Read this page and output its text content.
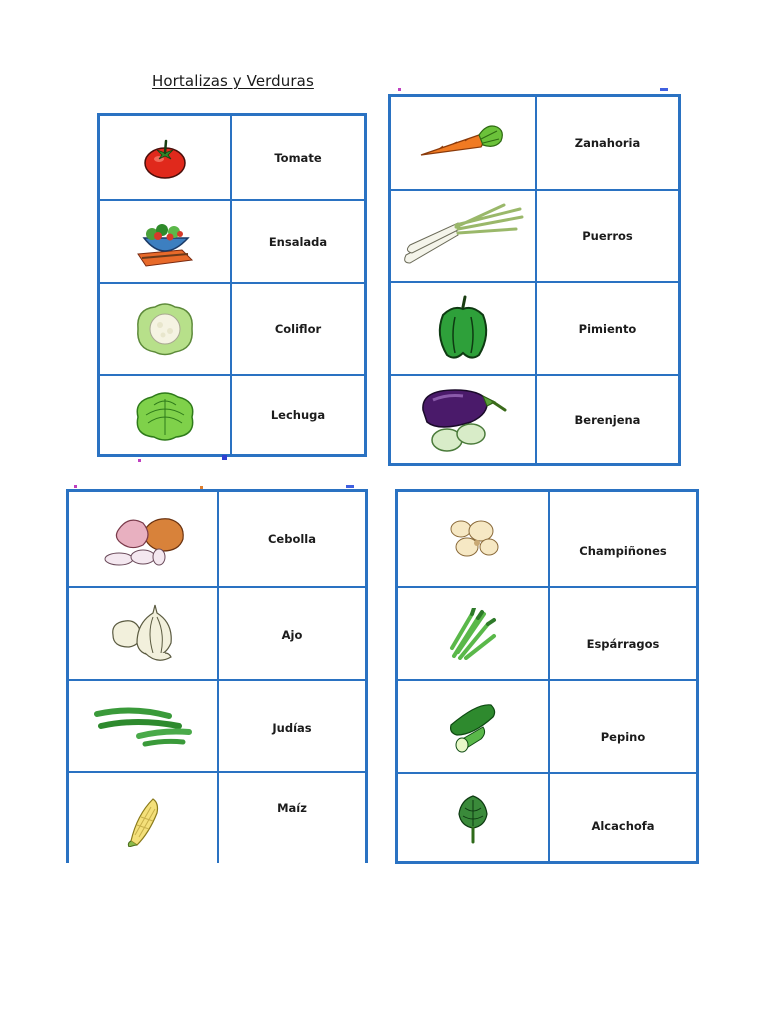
Hortalizas y Verduras
Tomate
Ensalada
Coliflor
Lechuga
Zanahoria
Puerros
Pimiento
Berenjena
Cebolla
Ajo
Judías
Maíz
Champiñones
Espárragos
Pepino
Alcachofa
